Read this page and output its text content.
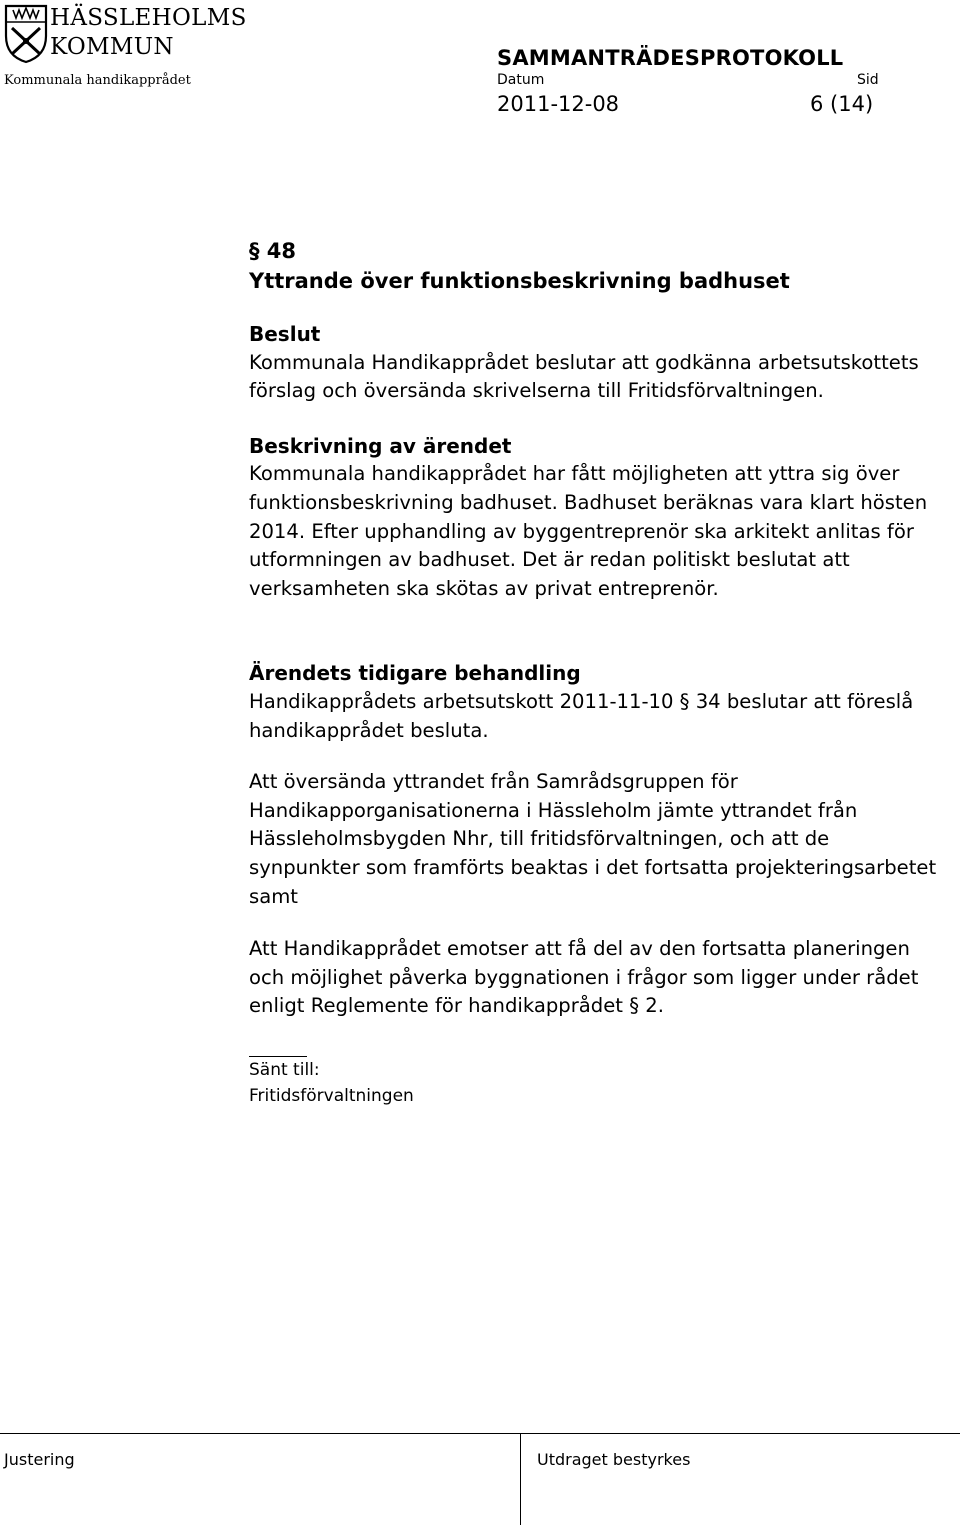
HÄSSLEHOLMS
KOMMUN
Kommunala handikapprådet
SAMMANTRÄDESPROTOKOLL
Datum	Sid
2011-12-08	6 (14)
§ 48
Yttrande över funktionsbeskrivning badhuset
Beslut

Kommunala Handikapprådet beslutar att godkänna arbetsutskottets förslag och översända skrivelserna till Fritidsförvaltningen.

Beskrivning av ärendet

Kommunala handikapprådet har fått möjligheten att yttra sig över funktionsbeskrivning badhuset. Badhuset beräknas vara klart hösten 2014. Efter upphandling av byggentreprenör ska arkitekt anlitas för utformningen av badhuset. Det är redan politiskt beslutat att verksamheten ska skötas av privat entreprenör.

Ärendets tidigare behandling

Handikapprådets arbetsutskott 2011-11-10 § 34 beslutar att föreslå handikapprådet besluta.

Att översända yttrandet från Samrådsgruppen för Handikapporganisationerna i Hässleholm jämte yttrandet från Hässleholmsbygden Nhr, till fritidsförvaltningen, och att de synpunkter som framförts beaktas i det fortsatta projekteringsarbetet samt

Att Handikapprådet emotser att få del av den fortsatta planeringen och möjlighet påverka byggnationen i frågor som ligger under rådet enligt Reglemente för handikapprådet § 2.

Sänt till:
Fritidsförvaltningen
Justering	Utdraget bestyrkes
